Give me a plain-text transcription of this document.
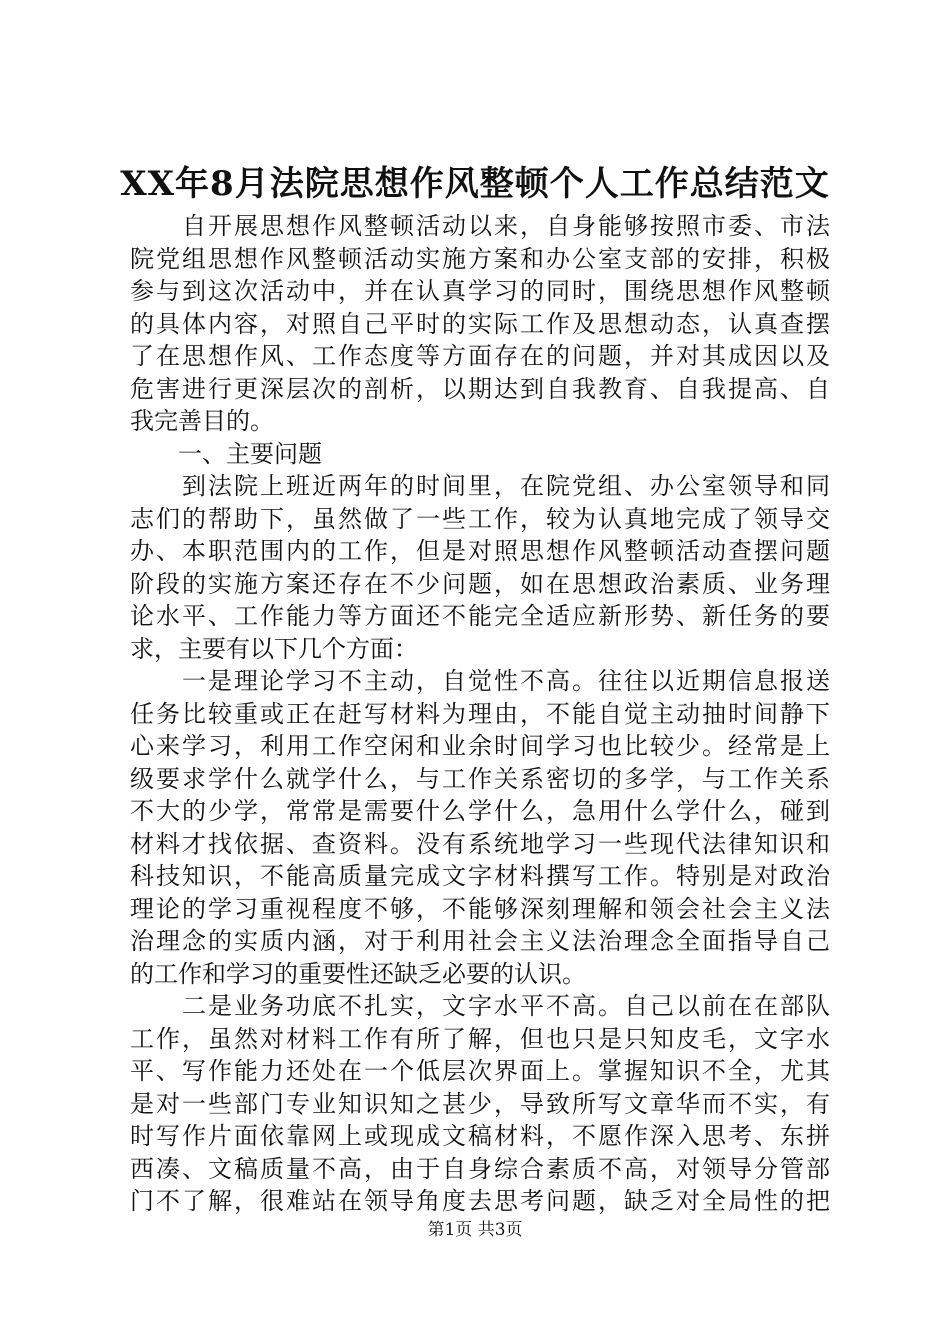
XX年8月法院思想作风整顿个人工作总结范文
　　自开展思想作风整顿活动以来，自身能够按照市委、市法
院党组思想作风整顿活动实施方案和办公室支部的安排，积极
参与到这次活动中，并在认真学习的同时，围绕思想作风整顿
的具体内容，对照自己平时的实际工作及思想动态，认真查摆
了在思想作风、工作态度等方面存在的问题，并对其成因以及
危害进行更深层次的剖析，以期达到自我教育、自我提高、自
我完善目的。
　　一、主要问题
　　到法院上班近两年的时间里，在院党组、办公室领导和同
志们的帮助下，虽然做了一些工作，较为认真地完成了领导交
办、本职范围内的工作，但是对照思想作风整顿活动查摆问题
阶段的实施方案还存在不少问题，如在思想政治素质、业务理
论水平、工作能力等方面还不能完全适应新形势、新任务的要
求，主要有以下几个方面：
　　一是理论学习不主动，自觉性不高。往往以近期信息报送
任务比较重或正在赶写材料为理由，不能自觉主动抽时间静下
心来学习，利用工作空闲和业余时间学习也比较少。经常是上
级要求学什么就学什么，与工作关系密切的多学，与工作关系
不大的少学，常常是需要什么学什么，急用什么学什么，碰到
材料才找依据、查资料。没有系统地学习一些现代法律知识和
科技知识，不能高质量完成文字材料撰写工作。特别是对政治
理论的学习重视程度不够，不能够深刻理解和领会社会主义法
治理念的实质内涵，对于利用社会主义法治理念全面指导自己
的工作和学习的重要性还缺乏必要的认识。
　　二是业务功底不扎实，文字水平不高。自己以前在在部队
工作，虽然对材料工作有所了解，但也只是只知皮毛，文字水
平、写作能力还处在一个低层次界面上。掌握知识不全，尤其
是对一些部门专业知识知之甚少，导致所写文章华而不实，有
时写作片面依靠网上或现成文稿材料，不愿作深入思考、东拼
西凑、文稿质量不高，由于自身综合素质不高，对领导分管部
门不了解，很难站在领导角度去思考问题，缺乏对全局性的把
第1页 共3页
